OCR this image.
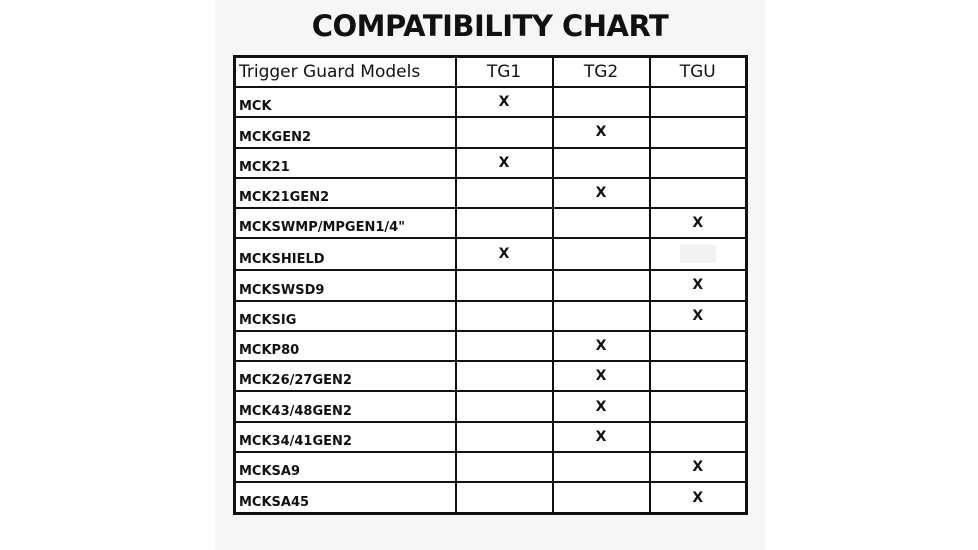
COMPATIBILITY CHART
Trigger Guard Models	TG1	TG2	TGU
MCK	X		
MCKGEN2		X	
MCK21	X		
MCK21GEN2		X	
MCKSWMP/MPGEN1/4"			X
MCKSHIELD	X		
MCKSWSD9			X
MCKSIG			X
MCKP80		X	
MCK26/27GEN2		X	
MCK43/48GEN2		X	
MCK34/41GEN2		X	
MCKSA9			X
MCKSA45			X
